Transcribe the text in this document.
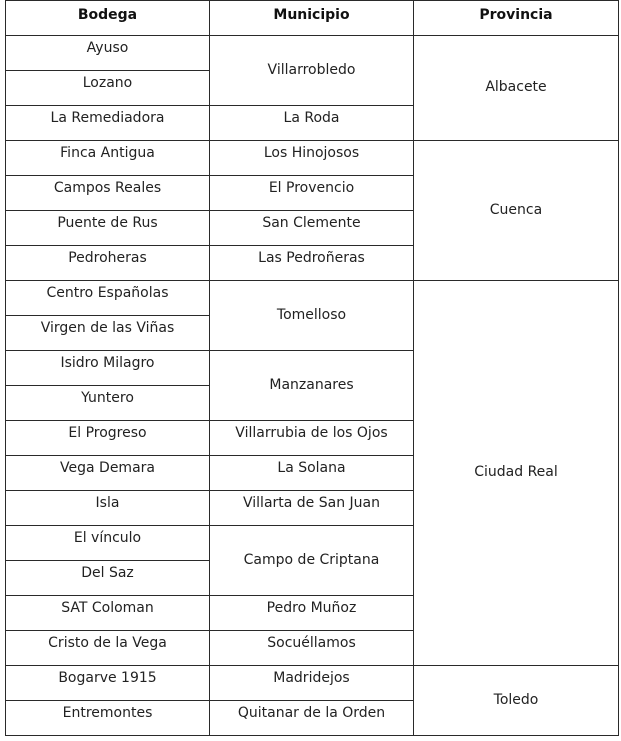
Bodega	Municipio	Provincia
Ayuso	Villarrobledo	Albacete
Lozano		
La Remediadora	La Roda	
Finca Antigua	Los Hinojosos	Cuenca
Campos Reales	El Provencio	
Puente de Rus	San Clemente	
Pedroheras	Las Pedroñeras	
Centro Españolas	Tomelloso	Ciudad Real
Virgen de las Viñas		
Isidro Milagro	Manzanares	
Yuntero		
El Progreso	Villarrubia de los Ojos	
Vega Demara	La Solana	
Isla	Villarta de San Juan	
El vínculo	Campo de Criptana	
Del Saz		
SAT Coloman	Pedro Muñoz	
Cristo de la Vega	Socuéllamos	
Bogarve 1915	Madridejos	Toledo
Entremontes	Quitanar de la Orden	
